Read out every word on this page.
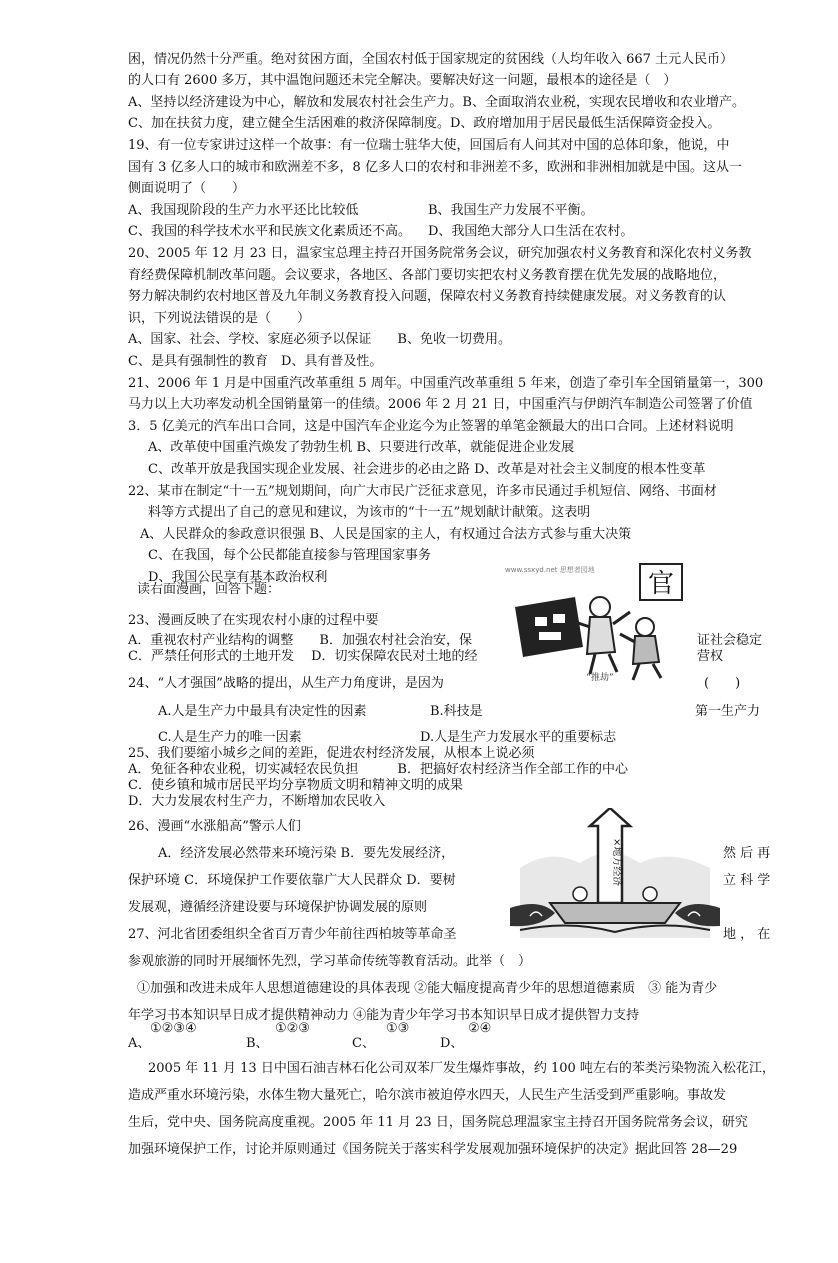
困，情况仍然十分严重。绝对贫困方面，全国农村低于国家规定的贫困线（人均年收入 667 土元人民币）
的人口有 2600 多万，其中温饱问题还未完全解决。要解决好这一问题，最根本的途径是（　）
A、坚持以经济建设为中心，解放和发展农村社会生产力。B、全面取消农业税，实现农民增收和农业增产。
C、加在扶贫力度，建立健全生活困难的救济保障制度。D、政府增加用于居民最低生活保障资金投入。
19、有一位专家讲过这样一个故事：有一位瑞士驻华大使，回国后有人问其对中国的总体印象，他说，中
国有 3 亿多人口的城市和欧洲差不多，8 亿多人口的农村和非洲差不多，欧洲和非洲相加就是中国。这从一
侧面说明了（　　）
A、我国现阶段的生产力水平还比比较低	B、我国生产力发展不平衡。
C、我国的科学技术水平和民族文化素质还不高。 D、我国绝大部分人口生活在农村。
20、2005 年 12 月 23 日，温家宝总理主持召开国务院常务会议，研究加强农村义务教育和深化农村义务教
育经费保障机制改革问题。会议要求，各地区、各部门要切实把农村义务教育摆在优先发展的战略地位，
努力解决制约农村地区普及九年制义务教育投入问题，保障农村义务教育持续健康发展。对义务教育的认
识，下列说法错误的是（　　）
A、国家、社会、学校、家庭必须予以保证　　B、免收一切费用。
C、是具有强制性的教育　D、具有普及性。
21、2006 年 1 月是中国重汽改革重组 5 周年。中国重汽改革重组 5 年来，创造了牵引车全国销量第一，300
马力以上大功率发动机全国销量第一的佳绩。2006 年 2 月 21 日，中国重汽与伊朗汽车制造公司签署了价值
3．5 亿美元的汽车出口合同，这是中国汽车企业迄今为止签署的单笔金额最大的出口合同。上述材料说明
A、改革使中国重汽焕发了勃勃生机 B、只要进行改革，就能促进企业发展
C、改革开放是我国实现企业发展、社会进步的必由之路 D、改革是对社会主义制度的根本性变革
22、某市在制定“十一五”规划期间，向广大市民广泛征求意见，许多市民通过手机短信、网络、书面材
料等方式提出了自己的意见和建议，为该市的“十一五”规划献计献策。这表明
A、人民群众的参政意识很强 B、人民是国家的主人，有权通过合法方式参与重大决策
C、在我国，每个公民都能直接参与管理国家事务
D、我国公民享有基本政治权利	www.ssxyd.net 思想者园地 官
“推劫”
读右面漫画，回答下题：
23、漫画反映了在实现农村小康的过程中要
A．重视农村产业结构的调整　　B．加强农村社会治安，保	证社会稳定
C．严禁任何形式的土地开发　 D．切实保障农民对土地的经	营权
24、“人才强国”战略的提出，从生产力角度讲，是因为	(　　)
A.人是生产力中最具有决定性的因素	B.科技是	第一生产力
C.人是生产力的唯一因素	D.人是生产力发展水平的重要标志
25、我们要缩小城乡之间的差距，促进农村经济发展，从根本上说必须
A．免征各种农业税，切实减轻农民负担　　　B．把搞好农村经济当作全部工作的中心
C．使乡镇和城市居民平均分享物质文明和精神文明的成果
D．大力发展农村生产力，不断增加农民收入
×地方经济
26、漫画“水涨船高”警示人们
A．经济发展必然带来环境污染 B．要先发展经济，	然 后 再
保护环境 C．环境保护工作要依靠广大人民群众 D．要树	立 科 学
发展观，遵循经济建设要与环境保护协调发展的原则
27、河北省团委组织全省百万青少年前往西柏坡等革命圣	地 ， 在
参观旅游的同时开展缅怀先烈，学习革命传统等教育活动。此举（　）
①加强和改进未成年人思想道德建设的具体表现 ②能大幅度提高青少年的思想道德素质　③ 能为青少
年学习书本知识早日成才提供精神动力 ④能为青少年学习书本知识早日成才提供智力支持
①②③④	①②③	①③	②④
A、	B、	C、	D、
2005 年 11 月 13 日中国石油吉林石化公司双苯厂发生爆炸事故，约 100 吨左右的苯类污染物流入松花江，
造成严重水环境污染，水体生物大量死亡，哈尔滨市被迫停水四天，人民生产生活受到严重影响。事故发
生后，党中央、国务院高度重视。2005 年 11 月 23 日，国务院总理温家宝主持召开国务院常务会议，研究
加强环境保护工作，讨论并原则通过《国务院关于落实科学发展观加强环境保护的决定》据此回答 28—29
